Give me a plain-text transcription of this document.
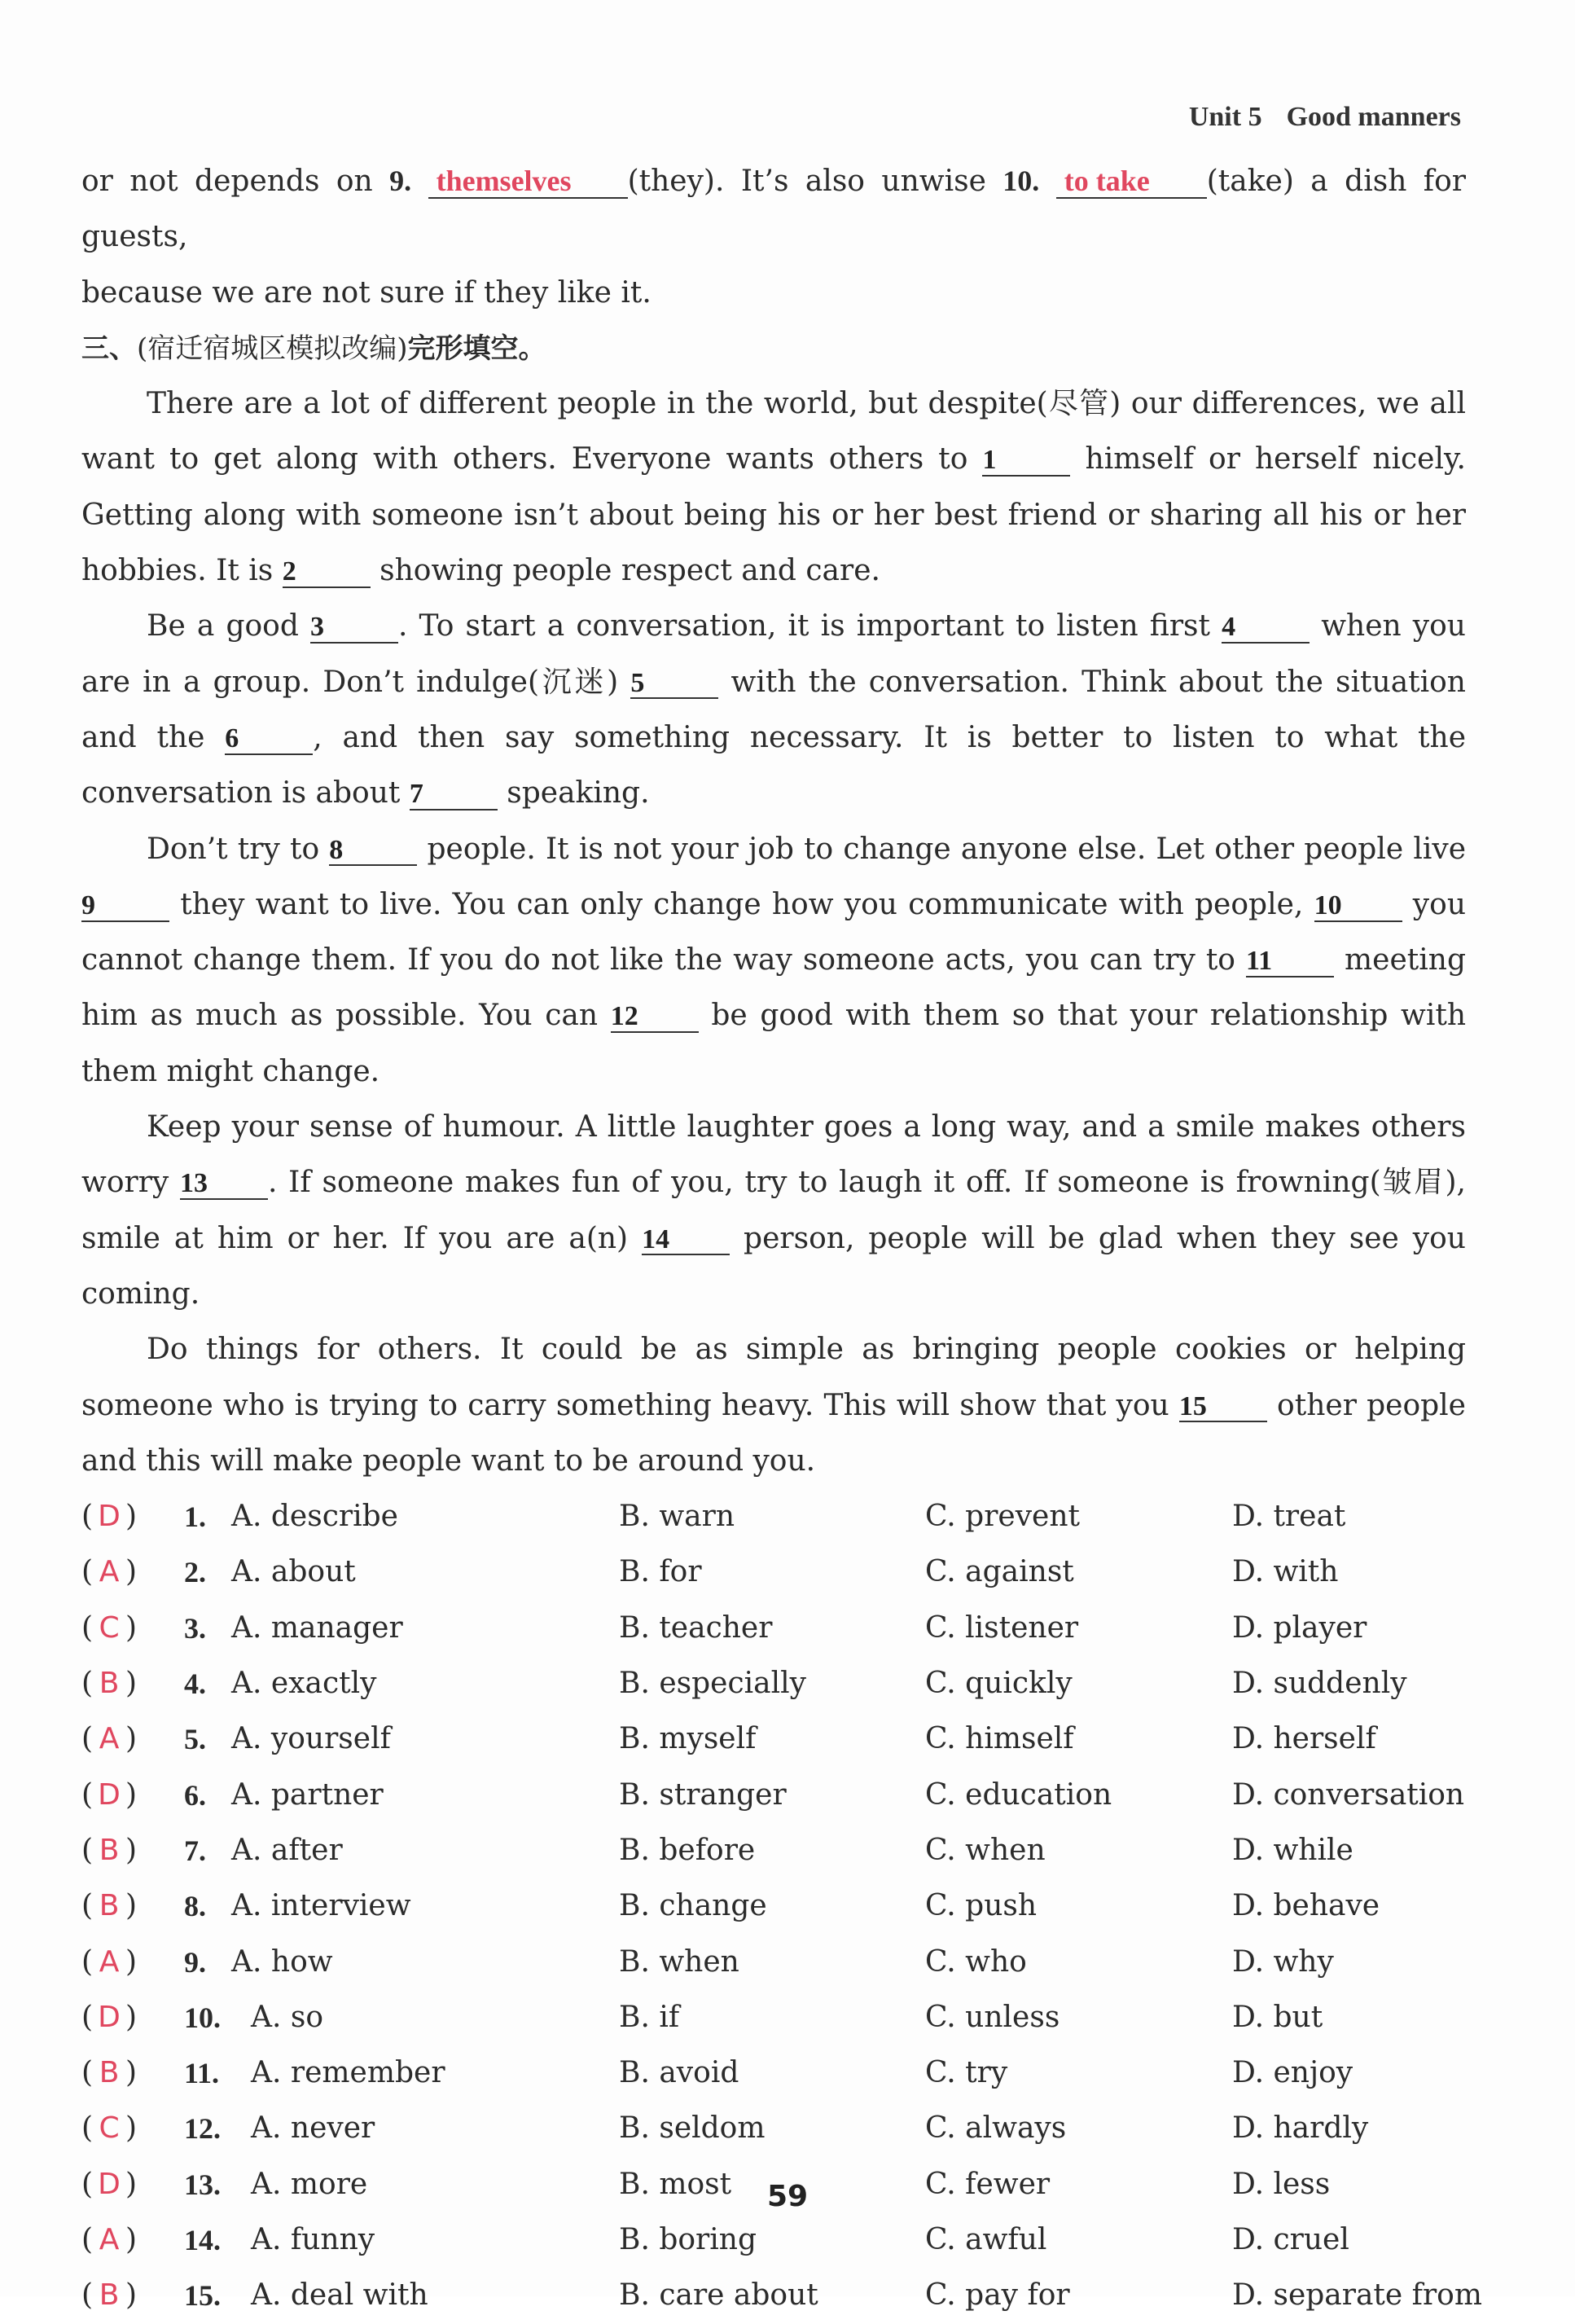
Unit 5 Good manners

or not depends on 9. themselves (they). It’s also unwise 10. to take (take) a dish for guests,

because we are not sure if they like it.

三、(宿迁宿城区模拟改编)完形填空。

There are a lot of different people in the world, but despite(尽管) our differences, we all want to get along with others. Everyone wants others to 1	himself or herself nicely. Getting along with someone isn’t about being his or her best friend or sharing all his or her hobbies. It is 2	showing people respect and care.

Be a good 3	. To start a conversation, it is important to listen first 4	when you are in a group. Don’t indulge(沉迷) 5	with the conversation. Think about the situation and the 6	, and then say something necessary. It is better to listen to what the conversation is about 7	speaking.

Don’t try to 8	people. It is not your job to change anyone else. Let other people live 9	they want to live. You can only change how you communicate with people, 10 you cannot change them. If you do not like the way someone acts, you can try to 11 meeting him as much as possible. You can 12 be good with them so that your relationship with them might change.

Keep your sense of humour. A little laughter goes a long way, and a smile makes others worry 13 . If someone makes fun of you, try to laugh it off. If someone is frowning(皱眉), smile at him or her. If you are a(n) 14 person, people will be glad when they see you coming.

Do things for others. It could be as simple as bringing people cookies or helping someone who is trying to carry something heavy. This will show that you 15 other people and this will make people want to be around you.

( D ) 1. A. describe	B. warn	C. prevent	D. treat
( A ) 2. A. about	B. for	C. against	D. with
( C ) 3. A. manager	B. teacher	C. listener	D. player
( B ) 4. A. exactly	B. especially	C. quickly	D. suddenly
( A ) 5. A. yourself	B. myself	C. himself	D. herself
( D ) 6. A. partner	B. stranger	C. education	D. conversation
( B ) 7. A. after	B. before	C. when	D. while
( B ) 8. A. interview	B. change	C. push	D. behave
( A ) 9. A. how	B. when	C. who	D. why
( D ) 10. A. so	B. if	C. unless	D. but
( B ) 11. A. remember	B. avoid	C. try	D. enjoy
( C ) 12. A. never	B. seldom	C. always	D. hardly
( D ) 13. A. more	B. most	C. fewer	D. less
( A ) 14. A. funny	B. boring	C. awful	D. cruel
( B ) 15. A. deal with	B. care about	C. pay for	D. separate from
59
